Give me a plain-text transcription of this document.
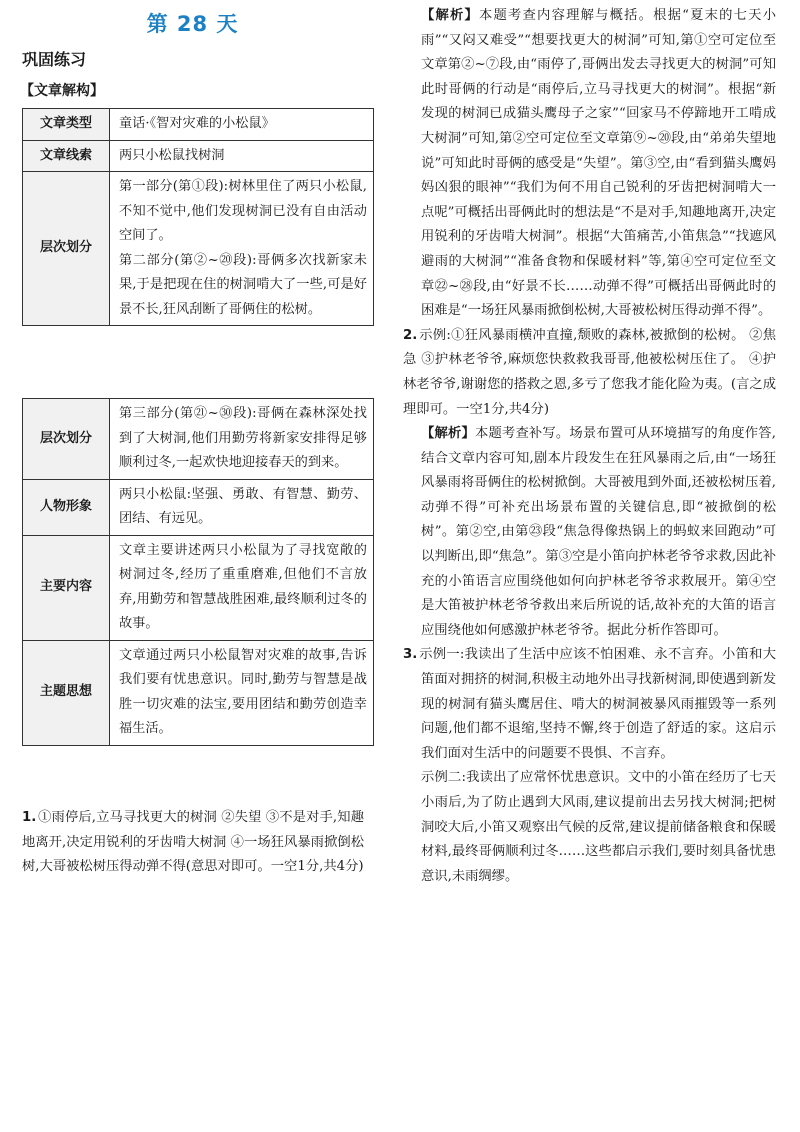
第 28 天
巩固练习
【文章解构】
文章类型	童话·《智对灾难的小松鼠》
文章线索	两只小松鼠找树洞
层次划分	第一部分(第①段):树林里住了两只小松鼠,不知不觉中,他们发现树洞已没有自由活动空间了。
第二部分(第②~⑳段):哥俩多次找新家未果,于是把现在住的树洞啃大了一些,可是好景不长,狂风刮断了哥俩住的松树。
层次划分	第三部分(第㉑~㉚段):哥俩在森林深处找到了大树洞,他们用勤劳将新家安排得足够顺利过冬,一起欢快地迎接春天的到来。
人物形象	两只小松鼠:坚强、勇敢、有智慧、勤劳、团结、有远见。
主要内容	文章主要讲述两只小松鼠为了寻找宽敞的树洞过冬,经历了重重磨难,但他们不言放弃,用勤劳和智慧战胜困难,最终顺利过冬的故事。
主题思想	文章通过两只小松鼠智对灾难的故事,告诉我们要有忧患意识。同时,勤劳与智慧是战胜一切灾难的法宝,要用团结和勤劳创造幸福生活。
1. ①雨停后,立马寻找更大的树洞 ②失望 ③不是对手,知趣地离开,决定用锐利的牙齿啃大树洞 ④一场狂风暴雨掀倒松树,大哥被松树压得动弹不得(意思对即可。一空1分,共4分)

【解析】本题考查内容理解与概括。根据“夏末的七天小雨”“又闷又难受”“想要找更大的树洞”可知,第①空可定位至文章第②~⑦段,由“雨停了,哥俩出发去寻找更大的树洞”可知此时哥俩的行动是“雨停后,立马寻找更大的树洞”。根据“新发现的树洞已成猫头鹰母子之家”“回家马不停蹄地开工啃成大树洞”可知,第②空可定位至文章第⑨~⑳段,由“弟弟失望地说”可知此时哥俩的感受是“失望”。第③空,由“看到猫头鹰妈妈凶狠的眼神”“我们为何不用自己锐利的牙齿把树洞啃大一点呢”可概括出哥俩此时的想法是“不是对手,知趣地离开,决定用锐利的牙齿啃大树洞”。根据“大笛痛苦,小笛焦急”“找遮风避雨的大树洞”“准备食物和保暖材料”等,第④空可定位至文章㉒~㉘段,由“好景不长……动弹不得”可概括出哥俩此时的困难是“一场狂风暴雨掀倒松树,大哥被松树压得动弹不得”。

2. 示例:①狂风暴雨横冲直撞,颓败的森林,被掀倒的松树。 ②焦急 ③护林老爷爷,麻烦您快救救我哥哥,他被松树压住了。 ④护林老爷爷,谢谢您的搭救之恩,多亏了您我才能化险为夷。(言之成理即可。一空1分,共4分)

【解析】本题考查补写。场景布置可从环境描写的角度作答,结合文章内容可知,剧本片段发生在狂风暴雨之后,由“一场狂风暴雨将哥俩住的松树掀倒。大哥被甩到外面,还被松树压着,动弹不得”可补充出场景布置的关键信息,即“被掀倒的松树”。第②空,由第㉓段“焦急得像热锅上的蚂蚁来回跑动”可以判断出,即“焦急”。第③空是小笛向护林老爷爷求救,因此补充的小笛语言应围绕他如何向护林老爷爷求救展开。第④空是大笛被护林老爷爷救出来后所说的话,故补充的大笛的语言应围绕他如何感激护林老爷爷。据此分析作答即可。

3. 示例一:我读出了生活中应该不怕困难、永不言弃。小笛和大笛面对拥挤的树洞,积极主动地外出寻找新树洞,即使遇到新发现的树洞有猫头鹰居住、啃大的树洞被暴风雨摧毁等一系列问题,他们都不退缩,坚持不懈,终于创造了舒适的家。这启示我们面对生活中的问题要不畏惧、不言弃。

示例二:我读出了应常怀忧患意识。文中的小笛在经历了七天小雨后,为了防止遇到大风雨,建议提前出去另找大树洞;把树洞咬大后,小笛又观察出气候的反常,建议提前储备粮食和保暖材料,最终哥俩顺利过冬……这些都启示我们,要时刻具备忧患意识,未雨绸缪。
